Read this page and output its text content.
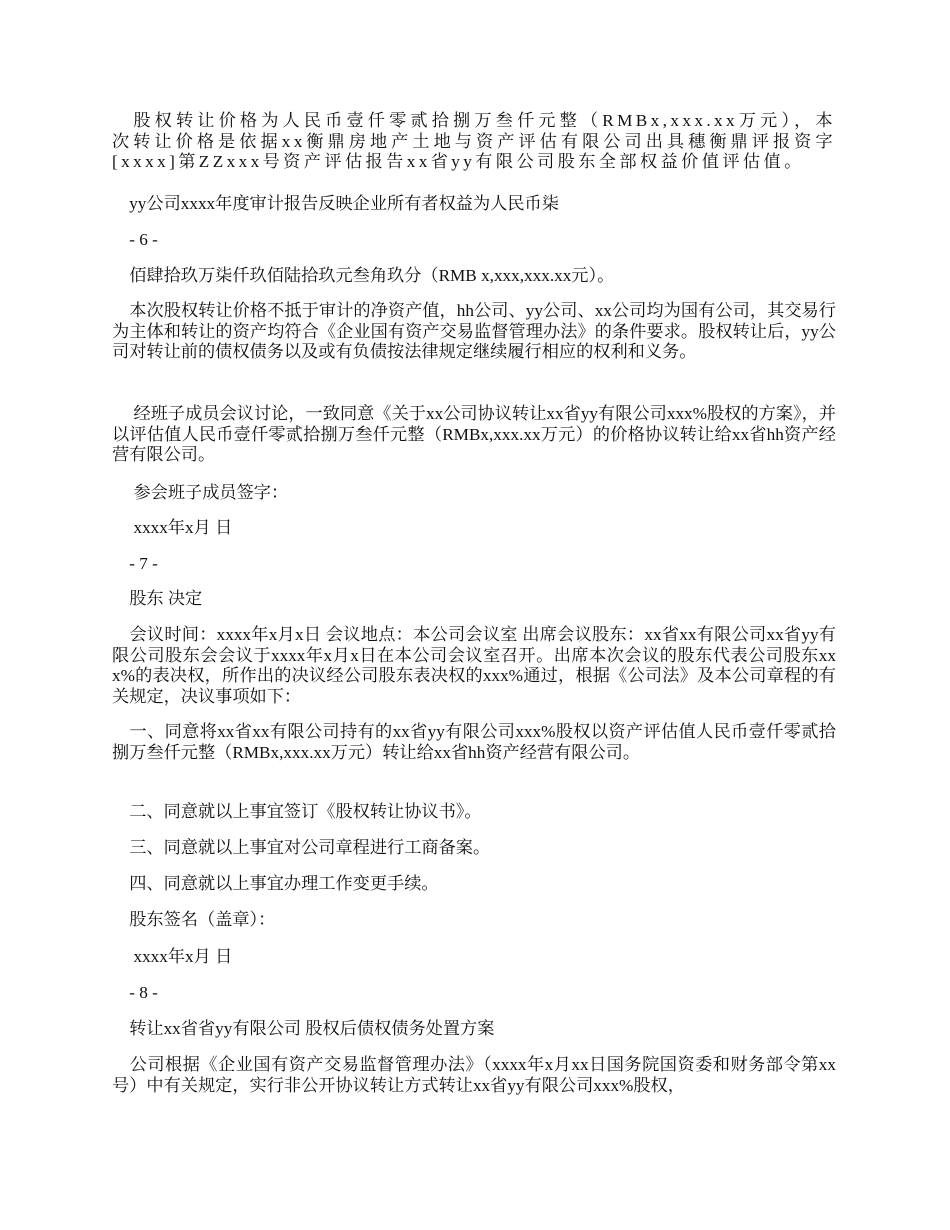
　股权转让价格为人民币壹仟零贰拾捌万叁仟元整（RMBx,xxx.xx万元），本次转让价格是依据xx衡鼎房地产土地与资产评估有限公司出具穗衡鼎评报资字[xxxx]第ZZxxx号资产评估报告xx省yy有限公司股东全部权益价值评估值。

　yy公司xxxx年度审计报告反映企业所有者权益为人民币柒

　- 6 -

　佰肆拾玖万柒仟玖佰陆拾玖元叁角玖分（RMB x,xxx,xxx.xx元）。

　本次股权转让价格不抵于审计的净资产值，hh公司、yy公司、xx公司均为国有公司，其交易行为主体和转让的资产均符合《企业国有资产交易监督管理办法》的条件要求。股权转让后，yy公司对转让前的债权债务以及或有负债按法律规定继续履行相应的权利和义务。

　 经班子成员会议讨论，一致同意《关于xx公司协议转让xx省yy有限公司xxx%股权的方案》，并以评估值人民币壹仟零贰拾捌万叁仟元整（RMBx,xxx.xx万元）的价格协议转让给xx省hh资产经营有限公司。

　 参会班子成员签字：

　 xxxx年x月 日

　- 7 -

　股东 决定

　会议时间：xxxx年x月x日 会议地点：本公司会议室 出席会议股东：xx省xx有限公司xx省yy有限公司股东会会议于xxxx年x月x日在本公司会议室召开。出席本次会议的股东代表公司股东xxx%的表决权，所作出的决议经公司股东表决权的xxx%通过，根据《公司法》及本公司章程的有关规定，决议事项如下：

　一、同意将xx省xx有限公司持有的xx省yy有限公司xxx%股权以资产评估值人民币壹仟零贰拾捌万叁仟元整（RMBx,xxx.xx万元）转让给xx省hh资产经营有限公司。

　二、同意就以上事宜签订《股权转让协议书》。

　三、同意就以上事宜对公司章程进行工商备案。

　四、同意就以上事宜办理工作变更手续。

　股东签名（盖章）：

　 xxxx年x月 日

　- 8 -

　转让xx省省yy有限公司 股权后债权债务处置方案

　公司根据《企业国有资产交易监督管理办法》（xxxx年x月xx日国务院国资委和财务部令第xx号）中有关规定，实行非公开协议转让方式转让xx省yy有限公司xxx%股权，
